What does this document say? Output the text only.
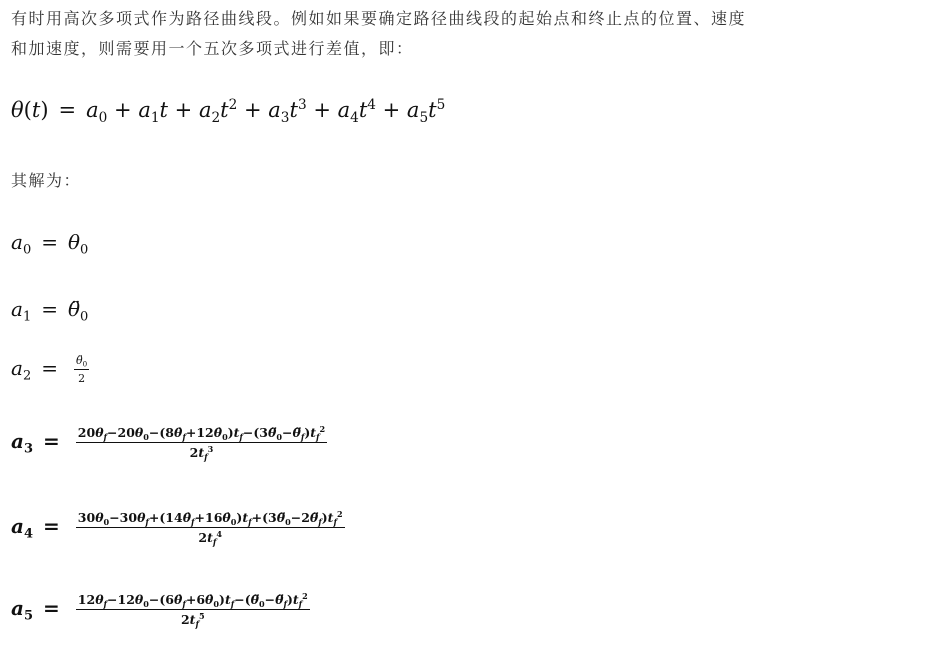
有时用高次多项式作为路径曲线段。例如如果要确定路径曲线段的起始点和终止点的位置、速度
和加速度，则需要用一个五次多项式进行差值，即：
$\theta(t) = a_0 + a_1t + a_2t^2 + a_3t^3 + a_4t^4 + a_5t^5$
其解为：
$a_0 = \theta_0$
$a_1$ = $\thetä_0$
$a_2 = \frac{\thetä_0}{2}$
$a_3 = \frac{20\theta_f-20\theta_0-(8\thetȧ_f+12\thetȧ_0)t_f-(3\thetä_0-\thetä_f)t_f^2}{2t_f^3}$
$a_4 = \frac{30\theta_0-30\theta_f+(14\thetȧ_f+16\thetȧ_0)t_f+(3\thetä_0-2\thetä_f)t_f^2}{2t_f^4}$
$a_5 = \frac{12\theta_f-12\theta_0-(6\thetȧ_f+6\thetȧ_0)t_f-(\thetä_0-\thetä_f)t_f^2}{2t_f^5}$
